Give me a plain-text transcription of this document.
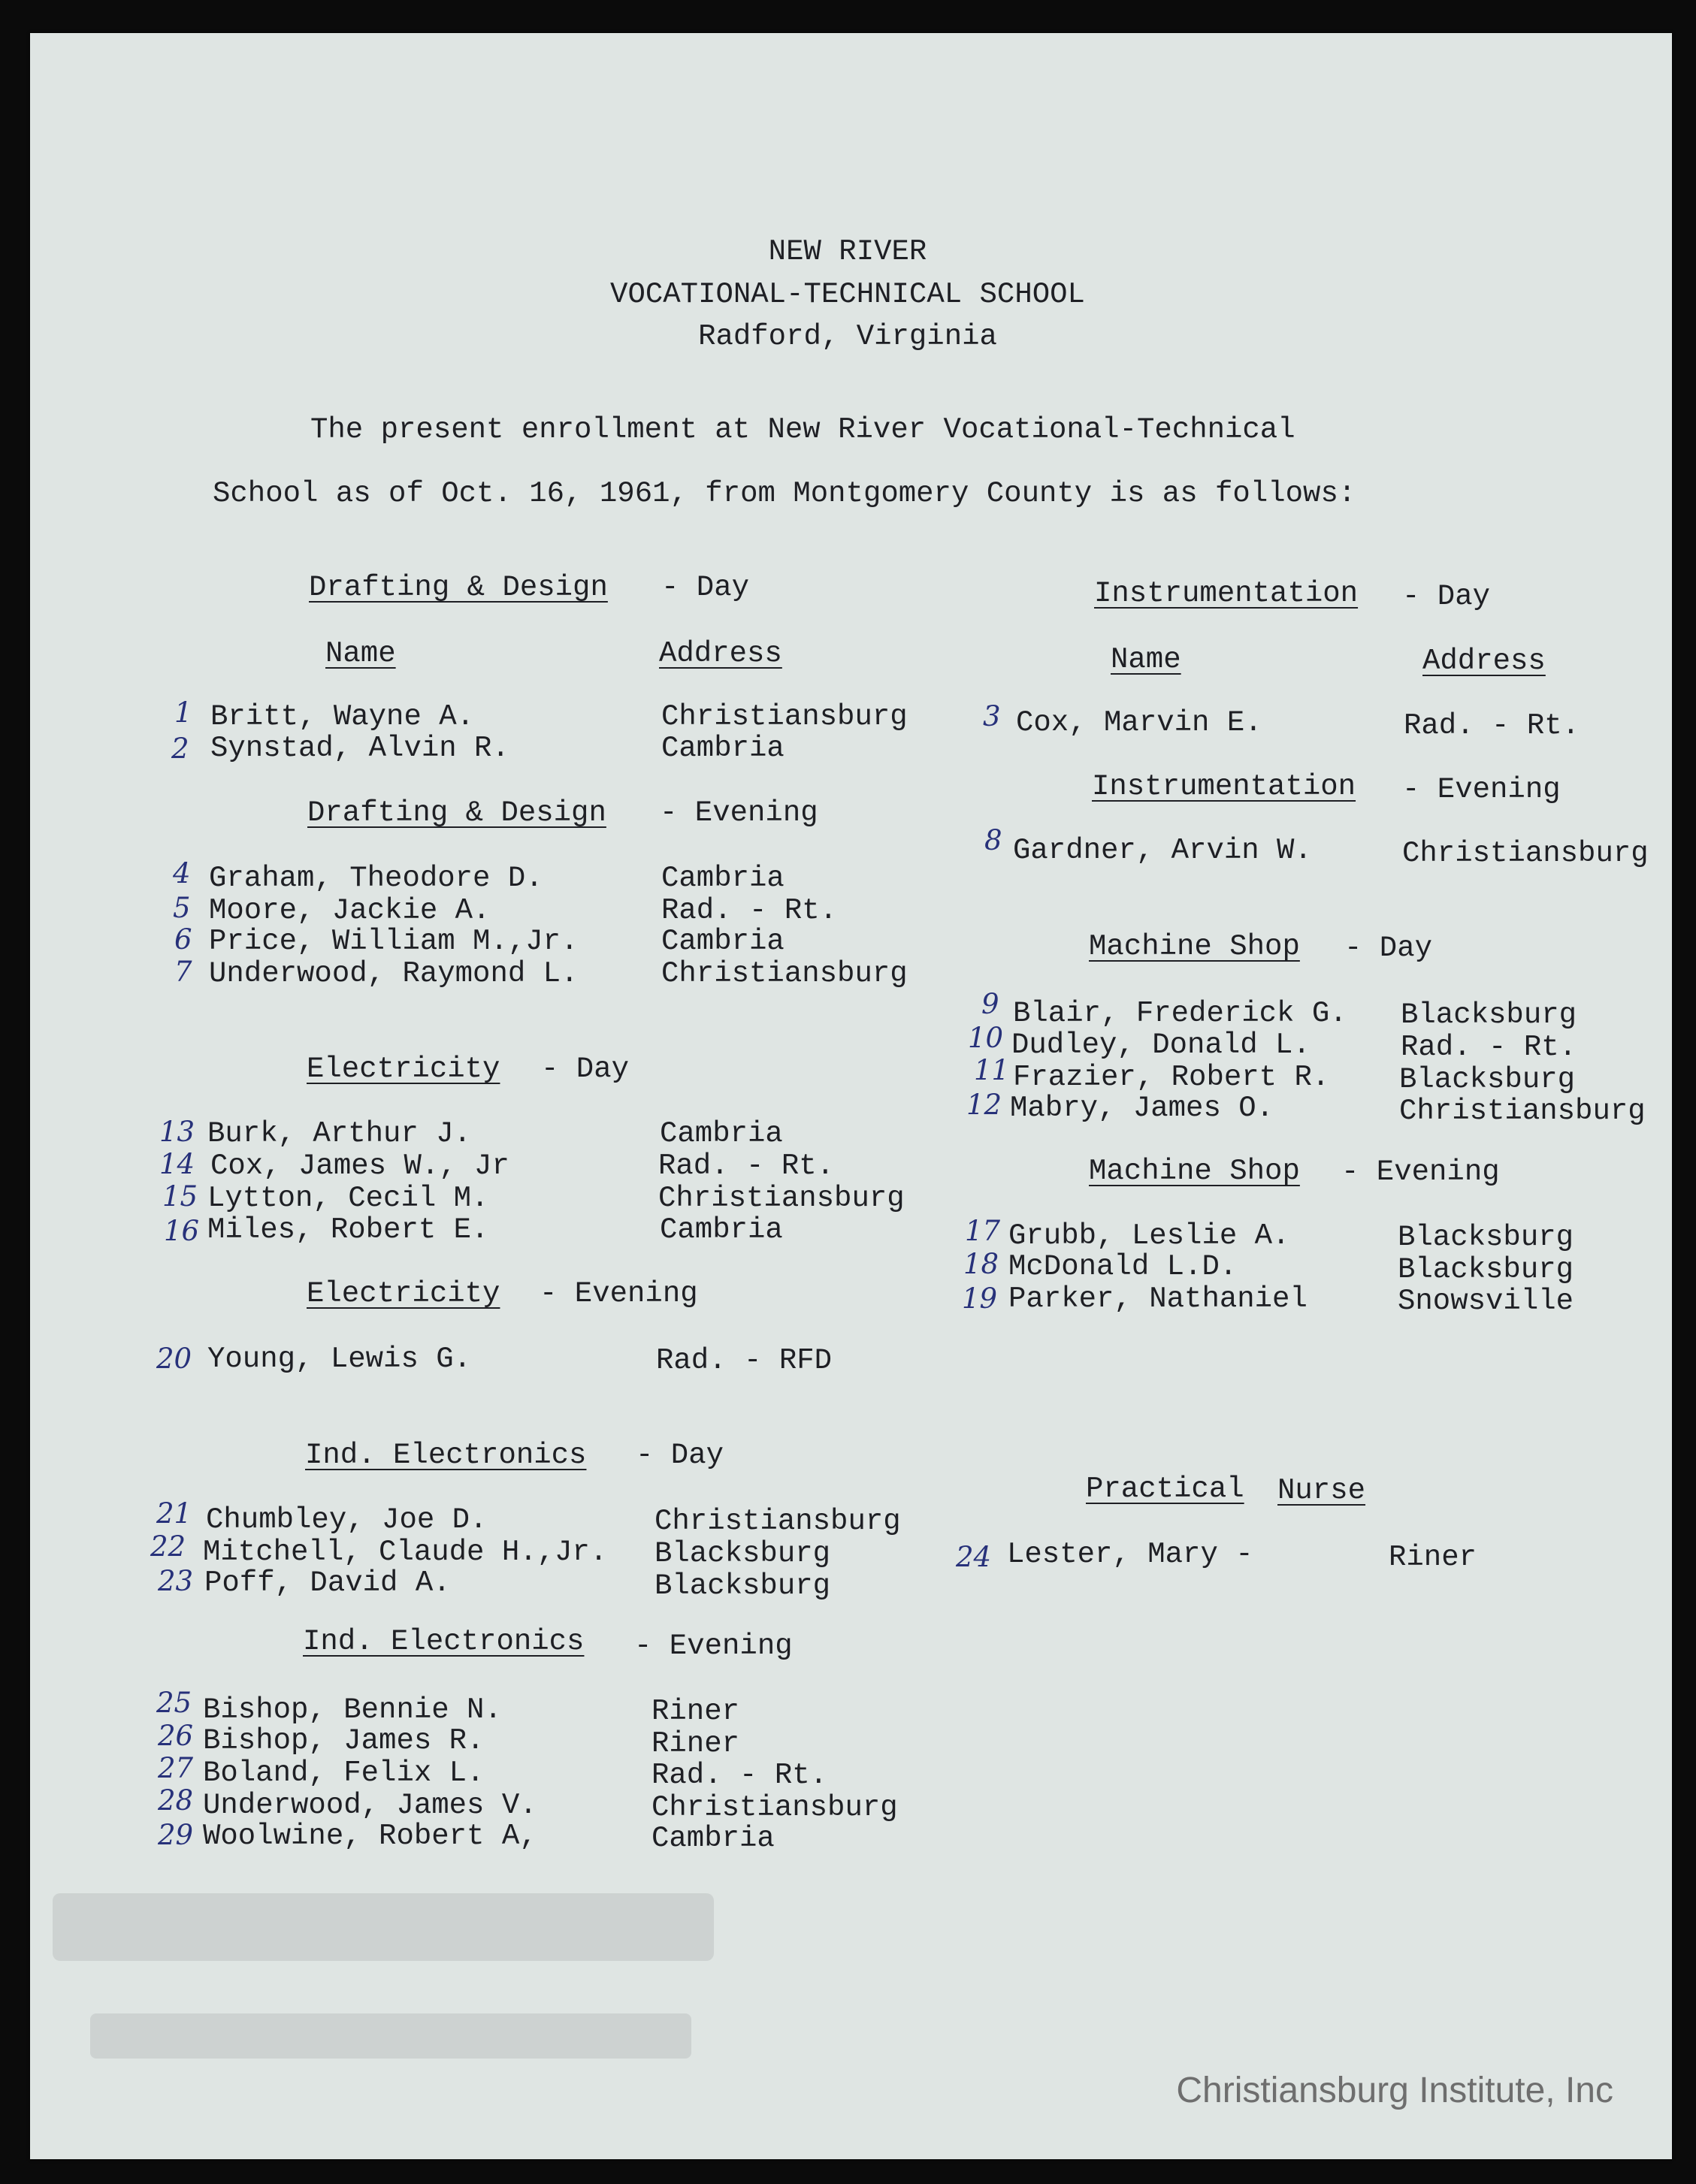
NEW RIVER
VOCATIONAL-TECHNICAL SCHOOL
Radford, Virginia
The present enrollment at New River Vocational-Technical
School as of Oct. 16, 1961, from Montgomery County is as follows:
Drafting & Design - Day
Name	Address
1 Britt, Wayne A.	Christiansburg
2 Synstad, Alvin R.	Cambria
Drafting & Design - Evening
4 Graham, Theodore D.	Cambria
5 Moore, Jackie A.	Rad. - Rt.
6 Price, William M.,Jr.	Cambria
7 Underwood, Raymond L.	Christiansburg
Electricity - Day
13 Burk, Arthur J.	Cambria
14 Cox, James W., Jr	Rad. - Rt.
15 Lytton, Cecil M.	Christiansburg
16 Miles, Robert E.	Cambria
Electricity - Evening
20 Young, Lewis G.	Rad. - RFD
Ind. Electronics - Day
21 Chumbley, Joe D.	Christiansburg
22 Mitchell, Claude H.,Jr. Blacksburg
23 Poff, David A.	Blacksburg
Ind. Electronics - Evening
25 Bishop, Bennie N.	Riner
26 Bishop, James R.	Riner
27 Boland, Felix L.	Rad. - Rt.
28 Underwood, James V.	Christiansburg
29 Woolwine, Robert A,	Cambria
Instrumentation - Day
Name	Address
3 Cox, Marvin E.	Rad. - Rt.
Instrumentation - Evening
8 Gardner, Arvin W.	Christiansburg
Machine Shop - Day
9 Blair, Frederick G. Blacksburg
10 Dudley, Donald L.	Rad. - Rt.
11 Frazier, Robert R. Blacksburg
12 Mabry, James O.	Christiansburg
Machine Shop - Evening
17 Grubb, Leslie A.	Blacksburg
18 McDonald L.D.	Blacksburg
19 Parker, Nathaniel	Snowsville
Practical Nurse
24 Lester, Mary -	Riner
Christiansburg Institute, Inc
